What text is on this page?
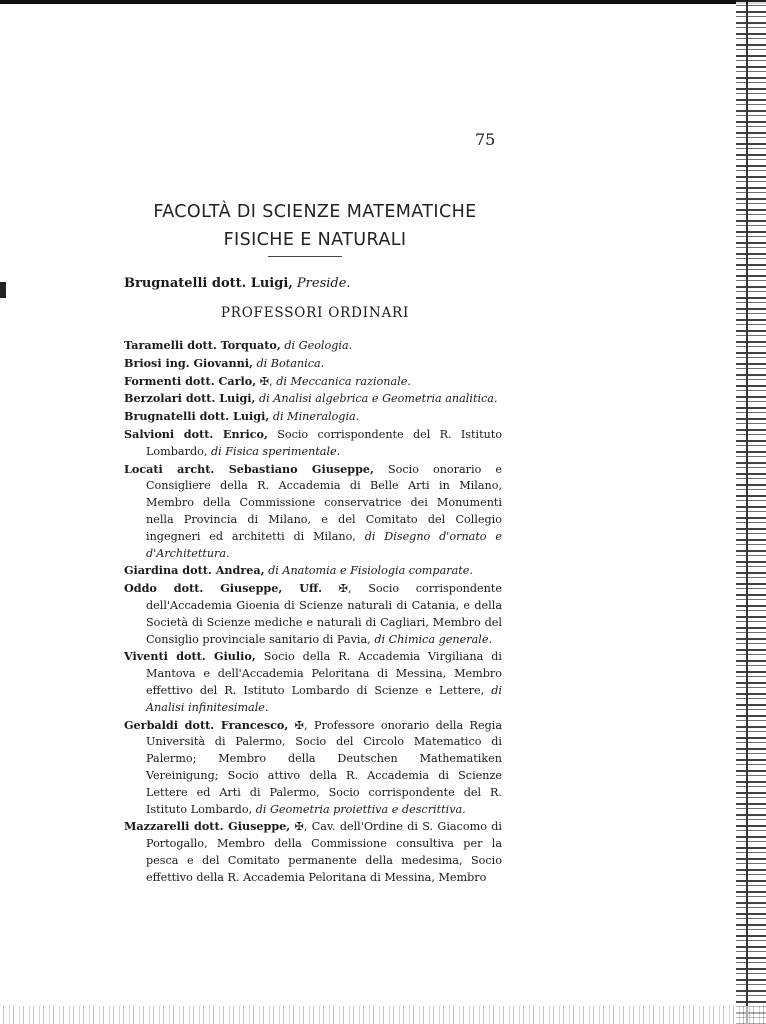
75
FACOLTÀ DI SCIENZE MATEMATICHE
FISICHE E NATURALI
Brugnatelli dott. Luigi, Preside.
PROFESSORI ORDINARI

Taramelli dott. Torquato, di Geologia.

Briosi ing. Giovanni, di Botanica.

Formenti dott. Carlo, ✠, di Meccanica razionale.

Berzolari dott. Luigi, di Analisi algebrica e Geometria analitica.

Brugnatelli dott. Luigi, di Mineralogia.

Salvioni dott. Enrico, Socio corrispondente del R. Istituto Lombardo, di Fisica sperimentale.

Locati archt. Sebastiano Giuseppe, Socio onorario e Consigliere della R. Accademia di Belle Arti in Milano, Membro della Commissione conservatrice dei Monumenti nella Provincia di Milano, e del Comitato del Collegio ingegneri ed architetti di Milano, di Disegno d'ornato e d'Architettura.

Giardina dott. Andrea, di Anatomia e Fisiologia comparate.

Oddo dott. Giuseppe, Uff. ✠, Socio corrispondente dell'Accademia Gioenia di Scienze naturali di Catania, e della Società di Scienze mediche e naturali di Cagliari, Membro del Consiglio provinciale sanitario di Pavia, di Chimica generale.

Viventi dott. Giulio, Socio della R. Accademia Virgiliana di Mantova e dell'Accademia Peloritana di Messina, Membro effettivo del R. Istituto Lombardo di Scienze e Lettere, di Analisi infinitesimale.

Gerbaldi dott. Francesco, ✠, Professore onorario della Regia Università di Palermo, Socio del Circolo Matematico di Palermo; Membro della Deutschen Mathematiken Vereinigung; Socio attivo della R. Accademia di Scienze Lettere ed Arti di Palermo, Socio corrispondente del R. Istituto Lombardo, di Geometria proiettiva e descrittiva.

Mazzarelli dott. Giuseppe, ✠, Cav. dell'Ordine di S. Giacomo di Portogallo, Membro della Commissione consultiva per la pesca e del Comitato permanente della medesima, Socio effettivo della R. Accademia Peloritana di Messina, Membro
